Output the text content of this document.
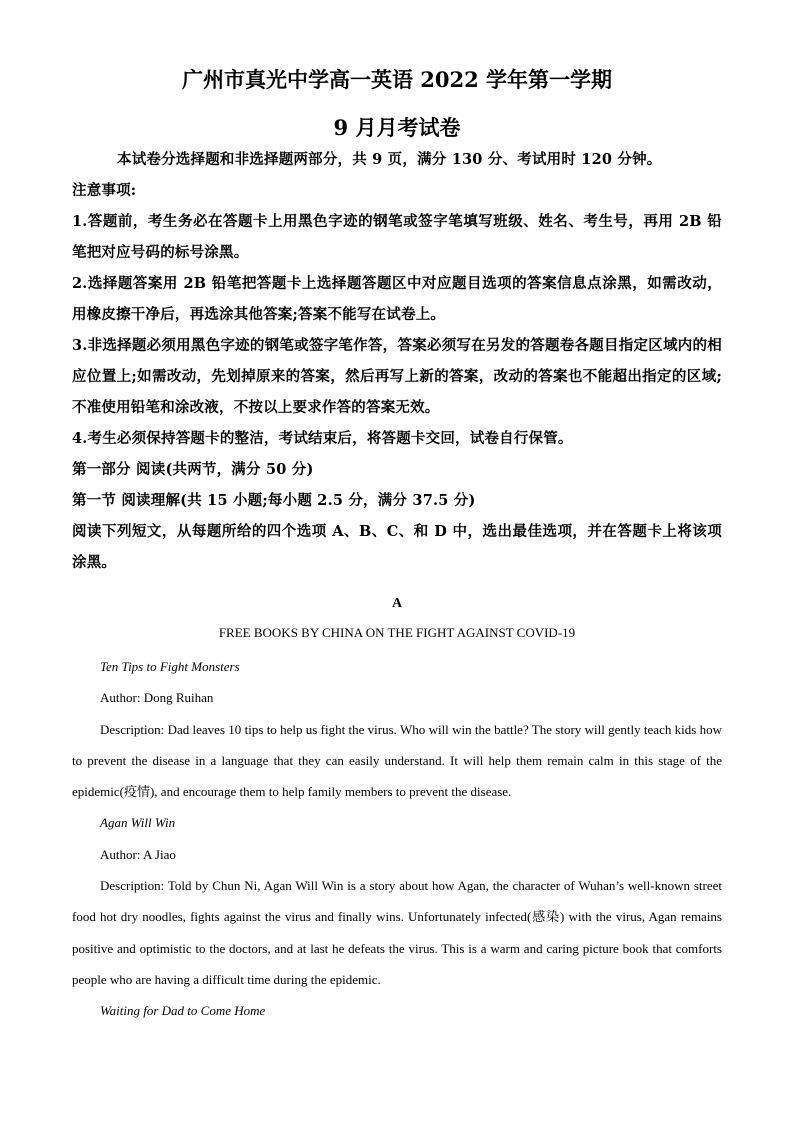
广州市真光中学高一英语 2022 学年第一学期
9 月月考试卷

本试卷分选择题和非选择题两部分，共 9 页，满分 130 分、考试用时 120 分钟。

注意事项:

1.答题前，考生务必在答题卡上用黑色字迹的钢笔或签字笔填写班级、姓名、考生号，再用 2B 铅笔把对应号码的标号涂黑。

2.选择题答案用 2B 铅笔把答题卡上选择题答题区中对应题目选项的答案信息点涂黑，如需改动，用橡皮擦干净后，再选涂其他答案;答案不能写在试卷上。

3.非选择题必须用黑色字迹的钢笔或签字笔作答，答案必须写在另发的答题卷各题目指定区域内的相应位置上;如需改动，先划掉原来的答案，然后再写上新的答案，改动的答案也不能超出指定的区域;不准使用铅笔和涂改液，不按以上要求作答的答案无效。

4.考生必须保持答题卡的整洁，考试结束后，将答题卡交回，试卷自行保管。

第一部分 阅读(共两节，满分 50 分)

第一节 阅读理解(共 15 小题;每小题 2.5 分，满分 37.5 分)

阅读下列短文，从每题所给的四个选项 A、B、C、和 D 中，选出最佳选项，并在答题卡上将该项涂黑。

A
FREE BOOKS BY CHINA ON THE FIGHT AGAINST COVID-19

Ten Tips to Fight Monsters

Author: Dong Ruihan

Description: Dad leaves 10 tips to help us fight the virus. Who will win the battle? The story will gently teach kids how to prevent the disease in a language that they can easily understand. It will help them remain calm in this stage of the epidemic(疫情), and encourage them to help family members to prevent the disease.

Agan Will Win

Author: A Jiao

Description: Told by Chun Ni, Agan Will Win is a story about how Agan, the character of Wuhan’s well-known street food hot dry noodles, fights against the virus and finally wins. Unfortunately infected(感染) with the virus, Agan remains positive and optimistic to the doctors, and at last he defeats the virus. This is a warm and caring picture book that comforts people who are having a difficult time during the epidemic.

Waiting for Dad to Come Home
